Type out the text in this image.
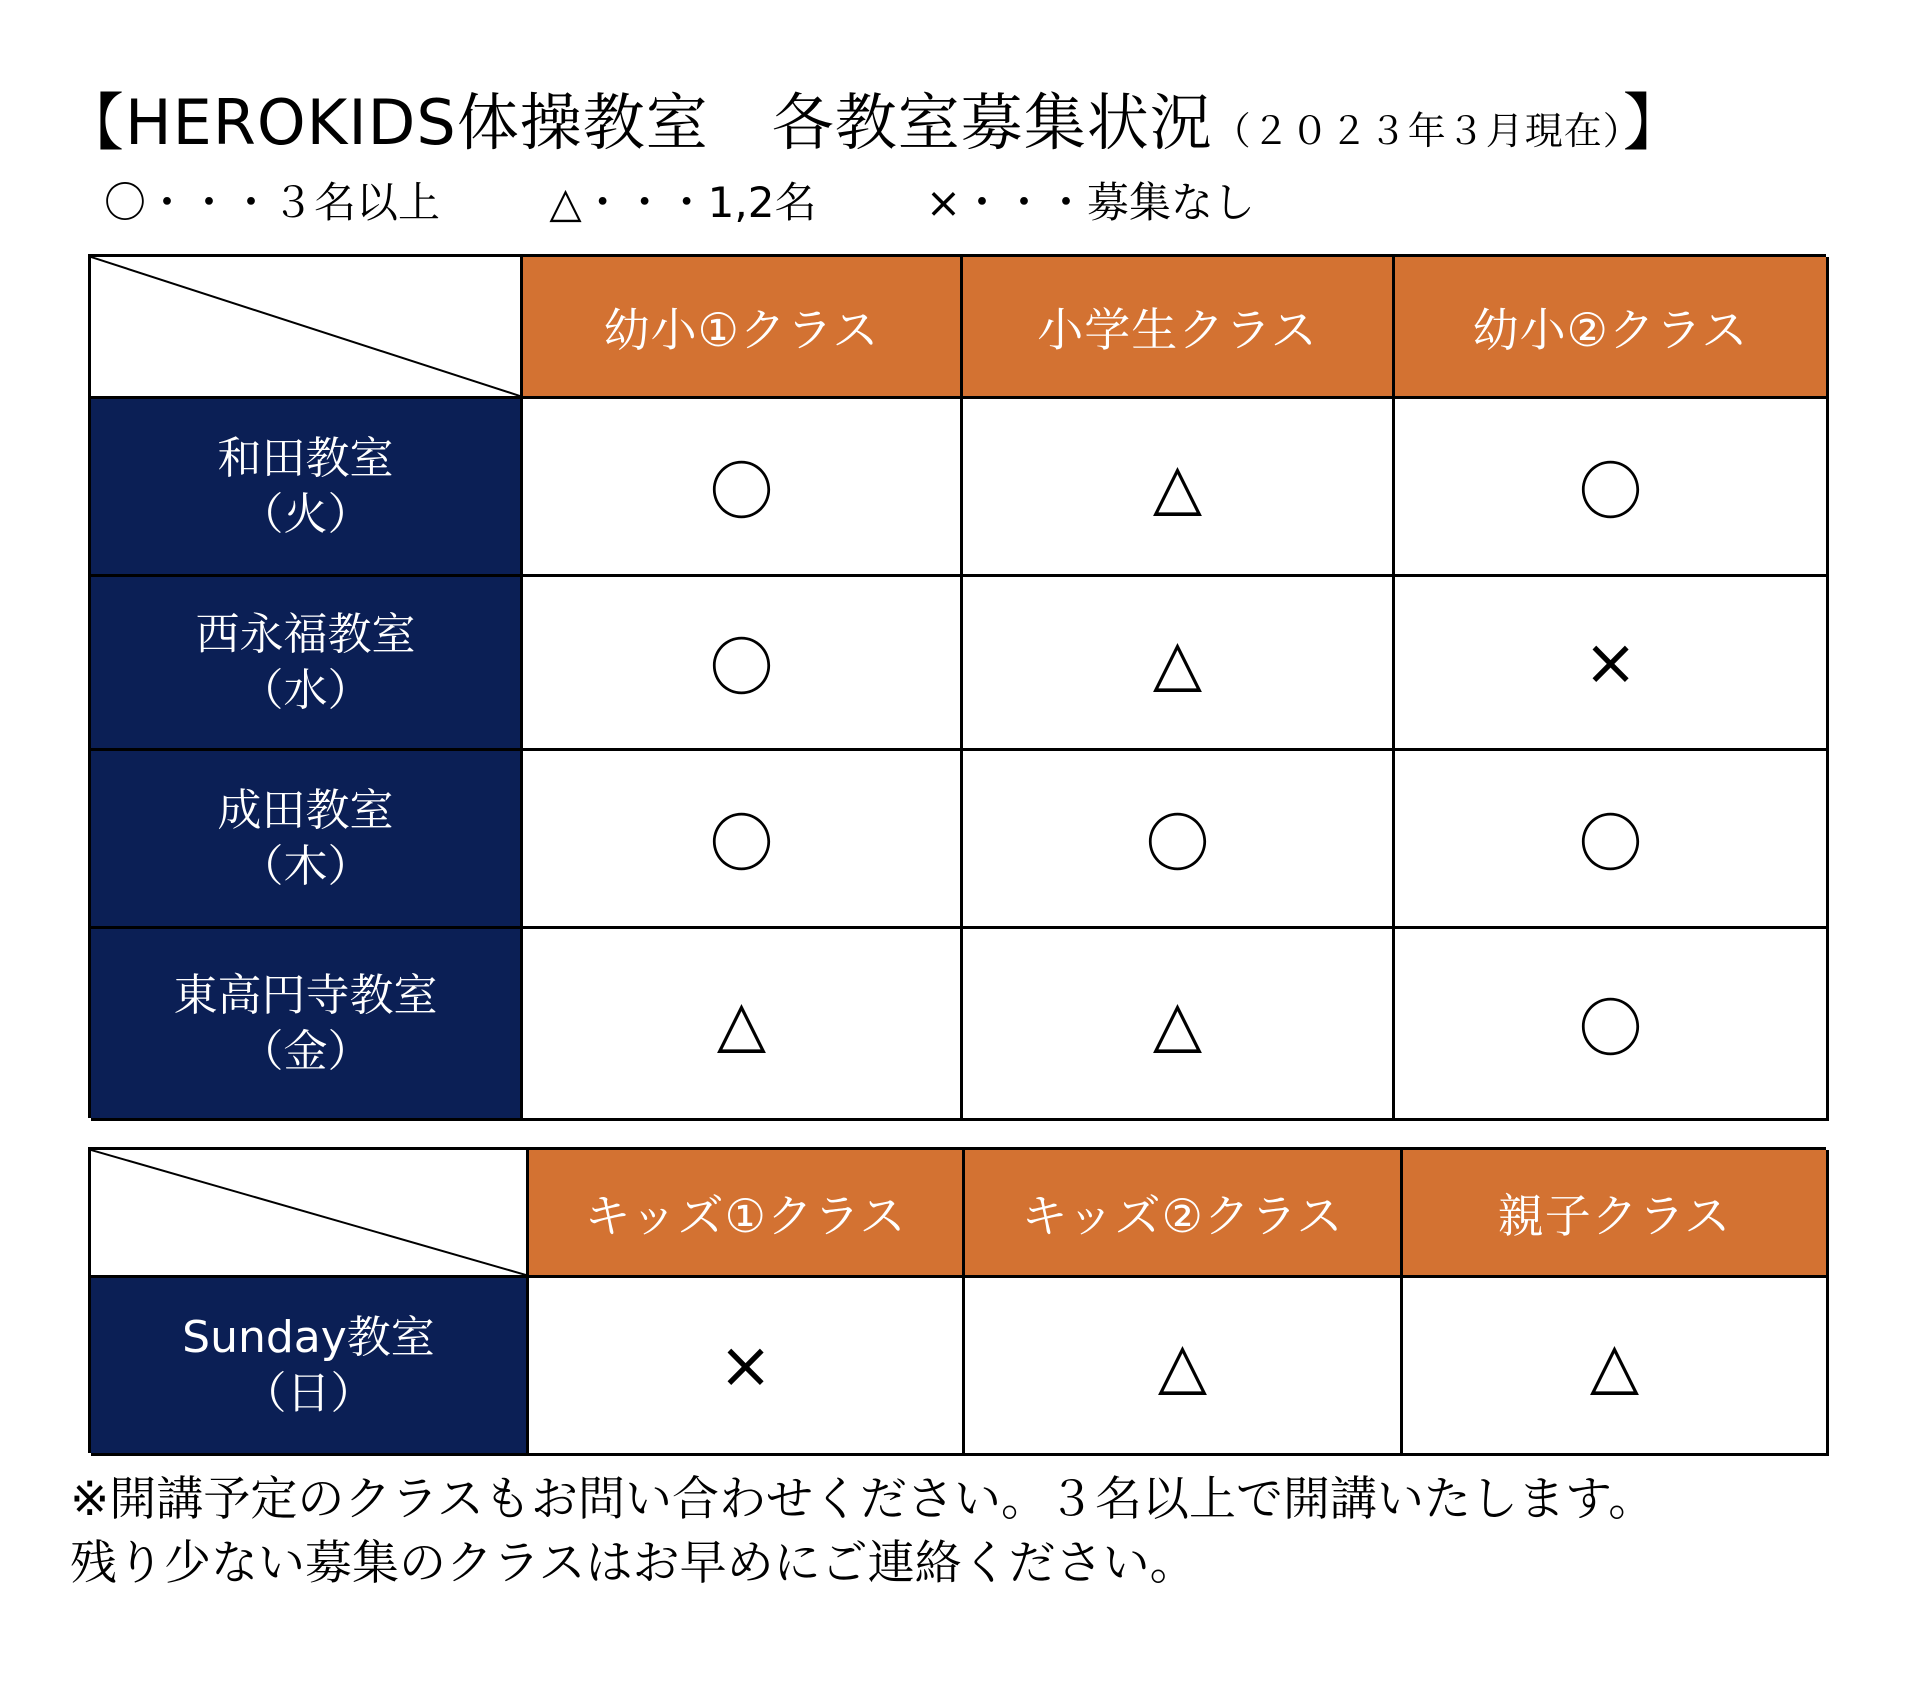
【HEROKIDS体操教室　各教室募集状況（２０２３年３月現在）】
〇・・・３名以上	△・・・1,2名	×・・・募集なし
幼小①クラス	小学生クラス	幼小②クラス
和田教室
（火）	〇	△	〇
西永福教室
（水）	〇	△	×
成田教室
（木）	〇	〇	〇
東高円寺教室
（金）	△	△	〇
キッズ①クラス	キッズ②クラス	親子クラス
Sunday教室
（日）	×	△	△
※開講予定のクラスもお問い合わせください。３名以上で開講いたします。
残り少ない募集のクラスはお早めにご連絡ください。
